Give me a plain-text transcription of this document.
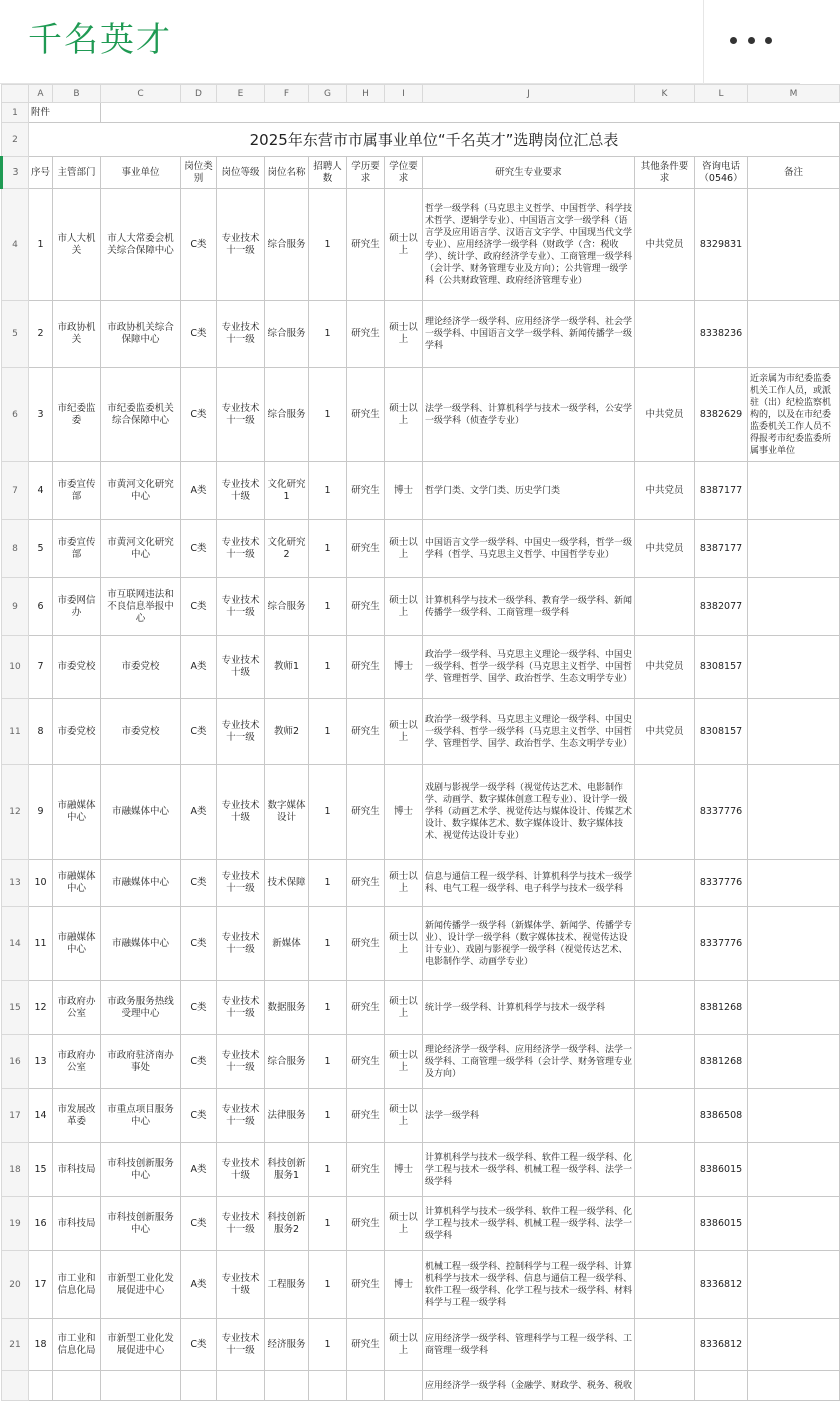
千名英才
	A	B	C	D	E	F	G	H	I	J	K	L	M
1	附件												
2	2025年东营市市属事业单位“千名英才”选聘岗位汇总表												
3	序号	主管部门	事业单位	岗位类别	岗位等级	岗位名称	招聘人数	学历要求	学位要求	研究生专业要求	其他条件要求	咨询电话（0546）	备注
4	1	市人大机关	市人大常委会机关综合保障中心	C类	专业技术十一级	综合服务	1	研究生	硕士以上	哲学一级学科（马克思主义哲学、中国哲学、科学技术哲学、逻辑学专业）、中国语言文学一级学科（语言学及应用语言学、汉语言文字学、中国现当代文学专业）、应用经济学一级学科（财政学（含：税收学）、统计学、政府经济学专业）、工商管理一级学科（会计学、财务管理专业及方向）；公共管理一级学科（公共财政管理、政府经济管理专业）	中共党员	8329831	
5	2	市政协机关	市政协机关综合保障中心	C类	专业技术十一级	综合服务	1	研究生	硕士以上	理论经济学一级学科、应用经济学一级学科、社会学一级学科、中国语言文学一级学科、新闻传播学一级学科		8338236	
6	3	市纪委监委	市纪委监委机关综合保障中心	C类	专业技术十一级	综合服务	1	研究生	硕士以上	法学一级学科、计算机科学与技术一级学科，公安学一级学科（侦查学专业）	中共党员	8382629	近亲属为市纪委监委机关工作人员，或派驻（出）纪检监察机构的，以及在市纪委监委机关工作人员不得报考市纪委监委所属事业单位
7	4	市委宣传部	市黄河文化研究中心	A类	专业技术十级	文化研究1	1	研究生	博士	哲学门类、文学门类、历史学门类	中共党员	8387177	
8	5	市委宣传部	市黄河文化研究中心	C类	专业技术十一级	文化研究2	1	研究生	硕士以上	中国语言文学一级学科、中国史一级学科，哲学一级学科（哲学、马克思主义哲学、中国哲学专业）	中共党员	8387177	
9	6	市委网信办	市互联网违法和不良信息举报中心	C类	专业技术十一级	综合服务	1	研究生	硕士以上	计算机科学与技术一级学科、教育学一级学科、新闻传播学一级学科、工商管理一级学科		8382077	
10	7	市委党校	市委党校	A类	专业技术十级	教师1	1	研究生	博士	政治学一级学科、马克思主义理论一级学科、中国史一级学科、哲学一级学科（马克思主义哲学、中国哲学、管理哲学、国学、政治哲学、生态文明学专业）	中共党员	8308157	
11	8	市委党校	市委党校	C类	专业技术十一级	教师2	1	研究生	硕士以上	政治学一级学科、马克思主义理论一级学科、中国史一级学科、哲学一级学科（马克思主义哲学、中国哲学、管理哲学、国学、政治哲学、生态文明学专业）	中共党员	8308157	
12	9	市融媒体中心	市融媒体中心	A类	专业技术十级	数字媒体设计	1	研究生	博士	戏剧与影视学一级学科（视觉传达艺术、电影制作学、动画学、数字媒体创意工程专业）、设计学一级学科（动画艺术学、视觉传达与媒体设计、传媒艺术设计、数字媒体艺术、数字媒体设计、数字媒体技术、视觉传达设计专业）		8337776	
13	10	市融媒体中心	市融媒体中心	C类	专业技术十一级	技术保障	1	研究生	硕士以上	信息与通信工程一级学科、计算机科学与技术一级学科、电气工程一级学科、电子科学与技术一级学科		8337776	
14	11	市融媒体中心	市融媒体中心	C类	专业技术十一级	新媒体	1	研究生	硕士以上	新闻传播学一级学科（新媒体学、新闻学、传播学专业）、设计学一级学科（数字媒体技术、视觉传达设计专业）、戏剧与影视学一级学科（视觉传达艺术、电影制作学、动画学专业）		8337776	
15	12	市政府办公室	市政务服务热线受理中心	C类	专业技术十一级	数据服务	1	研究生	硕士以上	统计学一级学科、计算机科学与技术一级学科		8381268	
16	13	市政府办公室	市政府驻济南办事处	C类	专业技术十一级	综合服务	1	研究生	硕士以上	理论经济学一级学科、应用经济学一级学科、法学一级学科、工商管理一级学科（会计学、财务管理专业及方向）		8381268	
17	14	市发展改革委	市重点项目服务中心	C类	专业技术十一级	法律服务	1	研究生	硕士以上	法学一级学科		8386508	
18	15	市科技局	市科技创新服务中心	A类	专业技术十级	科技创新服务1	1	研究生	博士	计算机科学与技术一级学科、软件工程一级学科、化学工程与技术一级学科、机械工程一级学科、法学一级学科		8386015	
19	16	市科技局	市科技创新服务中心	C类	专业技术十一级	科技创新服务2	1	研究生	硕士以上	计算机科学与技术一级学科、软件工程一级学科、化学工程与技术一级学科、机械工程一级学科、法学一级学科		8386015	
20	17	市工业和信息化局	市新型工业化发展促进中心	A类	专业技术十级	工程服务	1	研究生	博士	机械工程一级学科、控制科学与工程一级学科、计算机科学与技术一级学科、信息与通信工程一级学科、软件工程一级学科、化学工程与技术一级学科、材料科学与工程一级学科		8336812	
21	18	市工业和信息化局	市新型工业化发展促进中心	C类	专业技术十一级	经济服务	1	研究生	硕士以上	应用经济学一级学科、管理科学与工程一级学科、工商管理一级学科		8336812	
										应用经济学一级学科（金融学、财政学、税务、税收			
